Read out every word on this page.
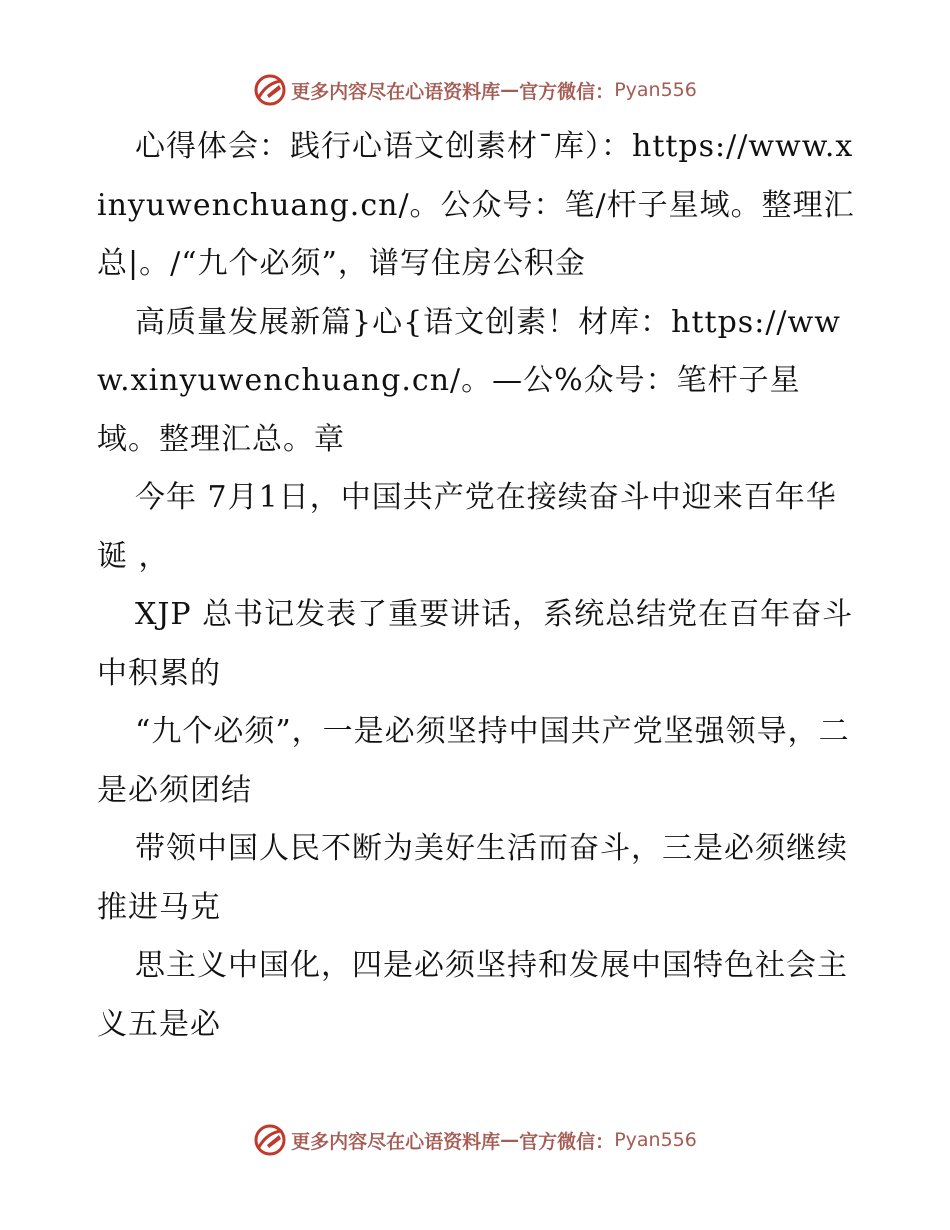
更多内容尽在心语资料库 — 官方微信： Pyan556

心得体会：践行心语文创素材¯库）：https://www.xinyuwenchuang.cn/。公众号：笔/杆子星域。整理汇总|。/“九个必须”，谱写住房公积金

高质量发展新篇}心{语文创素！材库：https://www.xinyuwenchuang.cn/。—公%众号：笔杆子星域。整理汇总。章

今年 7月1日，中国共产党在接续奋斗中迎来百年华诞 ，

XJP 总书记发表了重要讲话，系统总结党在百年奋斗中积累的

“九个必须”，一是必须坚持中国共产党坚强领导，二是必须团结

带领中国人民不断为美好生活而奋斗，三是必须继续推进马克

思主义中国化，四是必须坚持和发展中国特色社会主义五是必

更多内容尽在心语资料库 — 官方微信： Pyan556
